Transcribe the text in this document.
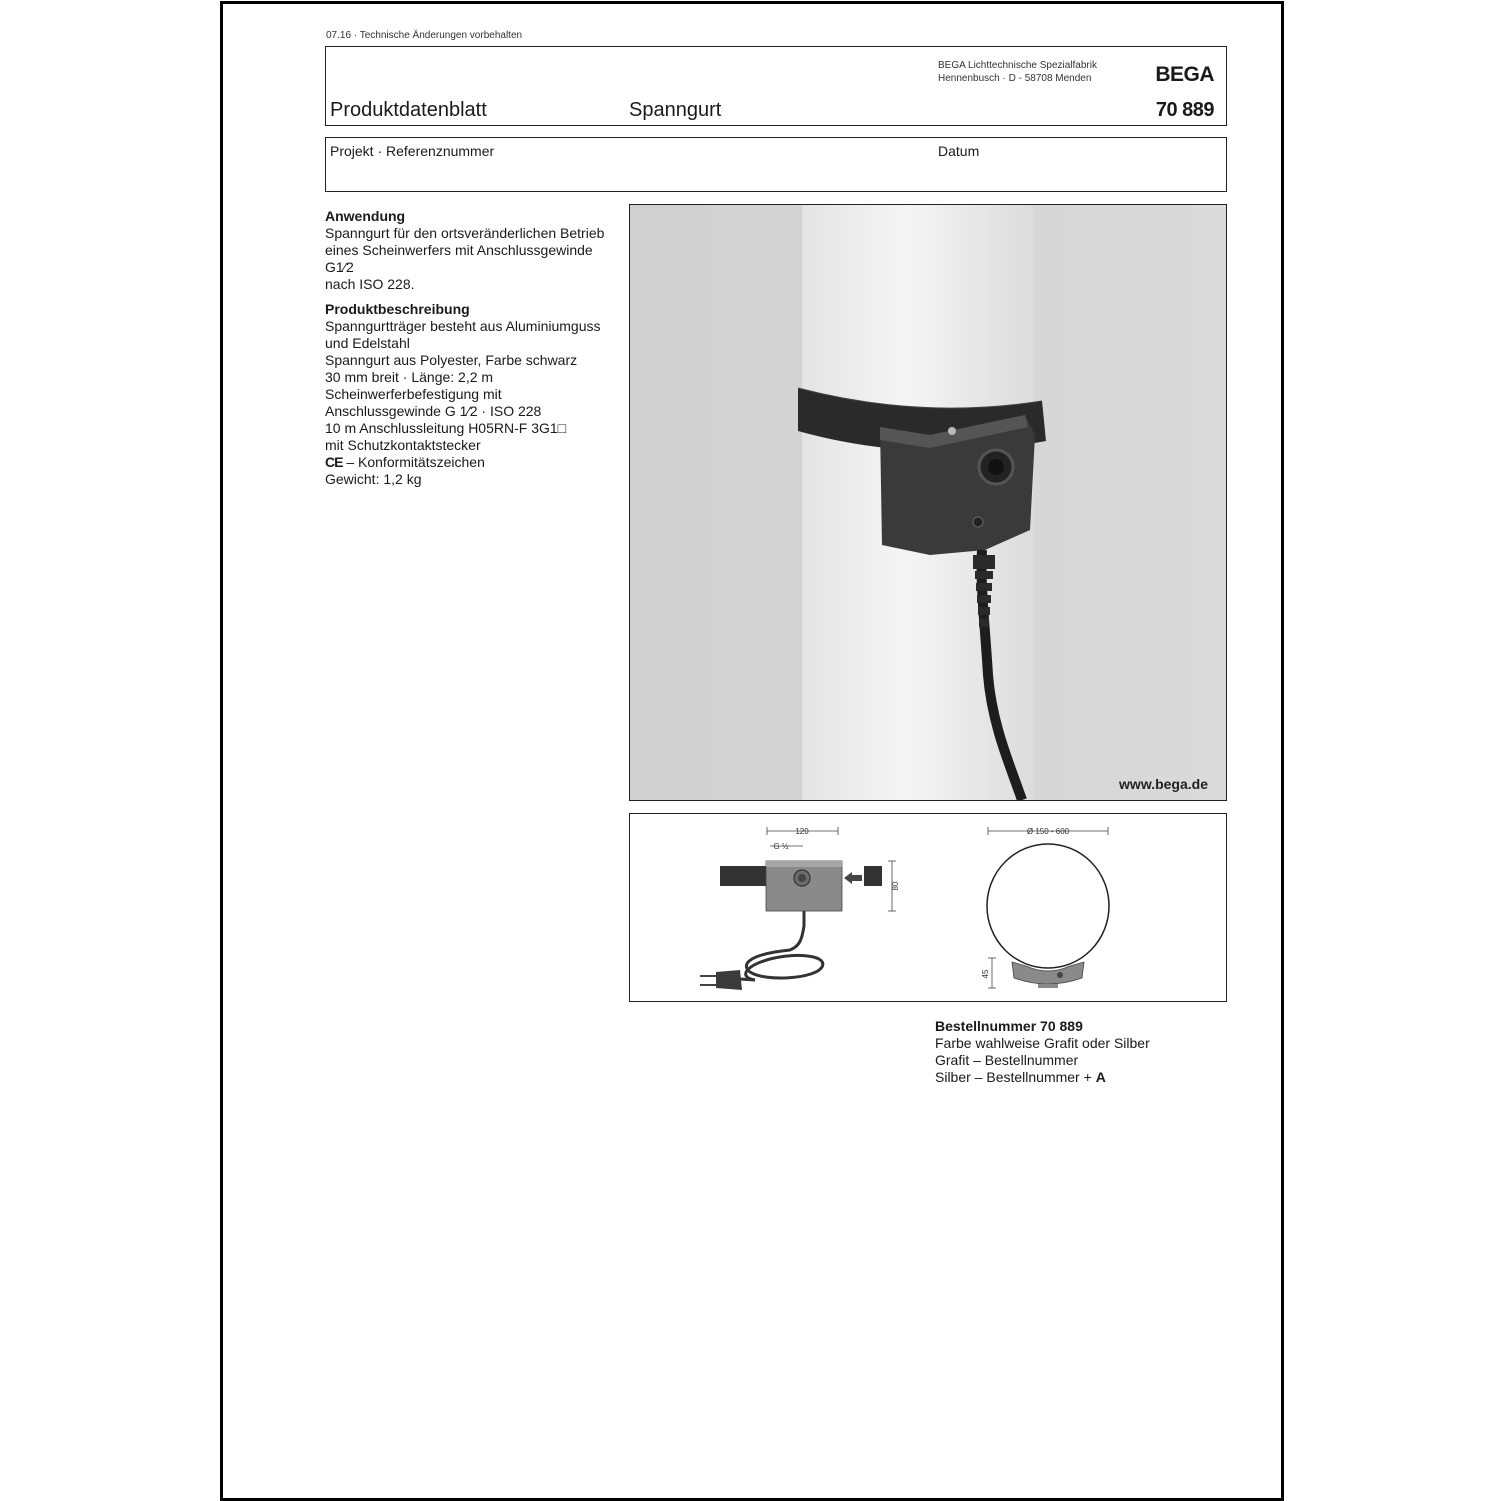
07.16 · Technische Änderungen vorbehalten
BEGA Lichttechnische Spezialfabrik
Hennenbusch · D - 58708 Menden	BEGA
Produktdatenblatt	Spanngurt	70 889
Projekt · Referenznummer	Datum
Anwendung

Spanngurt für den ortsveränderlichen Betrieb

eines Scheinwerfers mit Anschlussgewinde G1⁄2

nach ISO 228.

Produktbeschreibung

Spanngurtträger besteht aus Aluminiumguss

und Edelstahl

Spanngurt aus Polyester, Farbe schwarz

30 mm breit · Länge: 2,2 m

Scheinwerferbefestigung mit

Anschlussgewinde G 1⁄2 · ISO 228

10 m Anschlussleitung H05RN-F 3G1□

mit Schutzkontaktstecker

CE – Konformitätszeichen

Gewicht: 1,2 kg

www.bega.de
120
G ½
80
Ø 150 - 600
45

Bestellnummer 70 889

Farbe wahlweise Grafit oder Silber

Grafit – Bestellnummer

Silber – Bestellnummer + A
